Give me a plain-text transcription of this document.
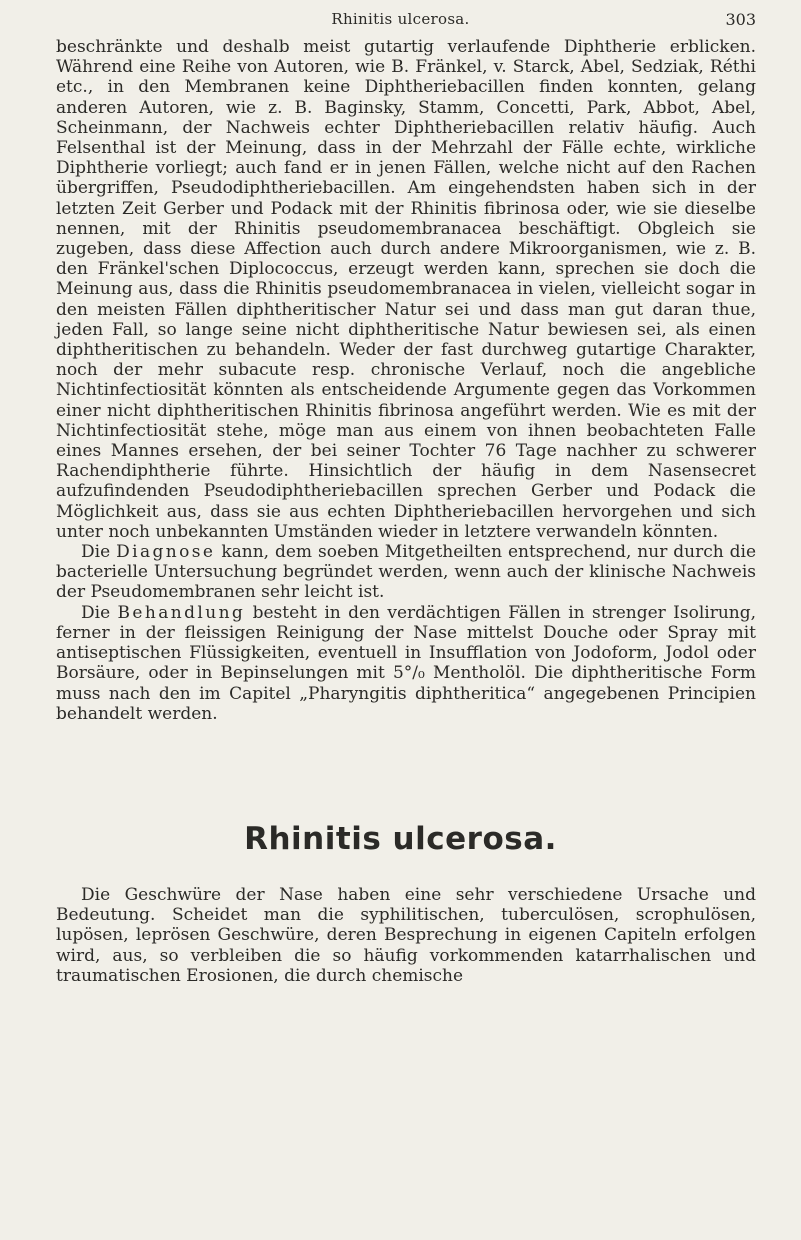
Rhinitis ulcerosa.	303

beschränkte und deshalb meist gutartig verlaufende Diphtherie erblicken. Während eine Reihe von Autoren, wie B. Fränkel, v. Starck, Abel, Sedziak, Réthi etc., in den Membranen keine Diphtheriebacillen finden konnten, gelang anderen Autoren, wie z. B. Baginsky, Stamm, Concetti, Park, Abbot, Abel, Scheinmann, der Nachweis echter Diphtheriebacillen relativ häufig. Auch Felsenthal ist der Meinung, dass in der Mehrzahl der Fälle echte, wirkliche Diphtherie vorliegt; auch fand er in jenen Fällen, welche nicht auf den Rachen übergriffen, Pseudodiphtheriebacillen. Am eingehendsten haben sich in der letzten Zeit Gerber und Podack mit der Rhinitis fibrinosa oder, wie sie dieselbe nennen, mit der Rhinitis pseudomembranacea beschäftigt. Obgleich sie zugeben, dass diese Affection auch durch andere Mikroorganismen, wie z. B. den Fränkel'schen Diplococcus, erzeugt werden kann, sprechen sie doch die Meinung aus, dass die Rhinitis pseudomembranacea in vielen, vielleicht sogar in den meisten Fällen diphtheritischer Natur sei und dass man gut daran thue, jeden Fall, so lange seine nicht diphtheritische Natur bewiesen sei, als einen diphtheritischen zu behandeln. Weder der fast durchweg gutartige Charakter, noch der mehr subacute resp. chronische Verlauf, noch die angebliche Nichtinfectiosität könnten als entscheidende Argumente gegen das Vorkommen einer nicht diphtheritischen Rhinitis fibrinosa angeführt werden. Wie es mit der Nichtinfectiosität stehe, möge man aus einem von ihnen beobachteten Falle eines Mannes ersehen, der bei seiner Tochter 76 Tage nachher zu schwerer Rachendiphtherie führte. Hinsichtlich der häufig in dem Nasensecret aufzufindenden Pseudodiphtheriebacillen sprechen Gerber und Podack die Möglichkeit aus, dass sie aus echten Diphtheriebacillen hervorgehen und sich unter noch unbekannten Umständen wieder in letztere verwandeln könnten.

Die Diagnose kann, dem soeben Mitgetheilten entsprechend, nur durch die bacterielle Untersuchung begründet werden, wenn auch der klinische Nachweis der Pseudomembranen sehr leicht ist.

Die Behandlung besteht in den verdächtigen Fällen in strenger Isolirung, ferner in der fleissigen Reinigung der Nase mittelst Douche oder Spray mit antiseptischen Flüssigkeiten, eventuell in Insufflation von Jodoform, Jodol oder Borsäure, oder in Bepinselungen mit 5°/₀ Mentholöl. Die diphtheritische Form muss nach den im Capitel „Pharyngitis diphtheritica“ angegebenen Principien behandelt werden.

Rhinitis ulcerosa.

Die Geschwüre der Nase haben eine sehr verschiedene Ursache und Bedeutung. Scheidet man die syphilitischen, tuberculösen, scrophulösen, lupösen, leprösen Geschwüre, deren Besprechung in eigenen Capiteln erfolgen wird, aus, so verbleiben die so häufig vorkommenden katarrhalischen und traumatischen Erosionen, die durch chemische
